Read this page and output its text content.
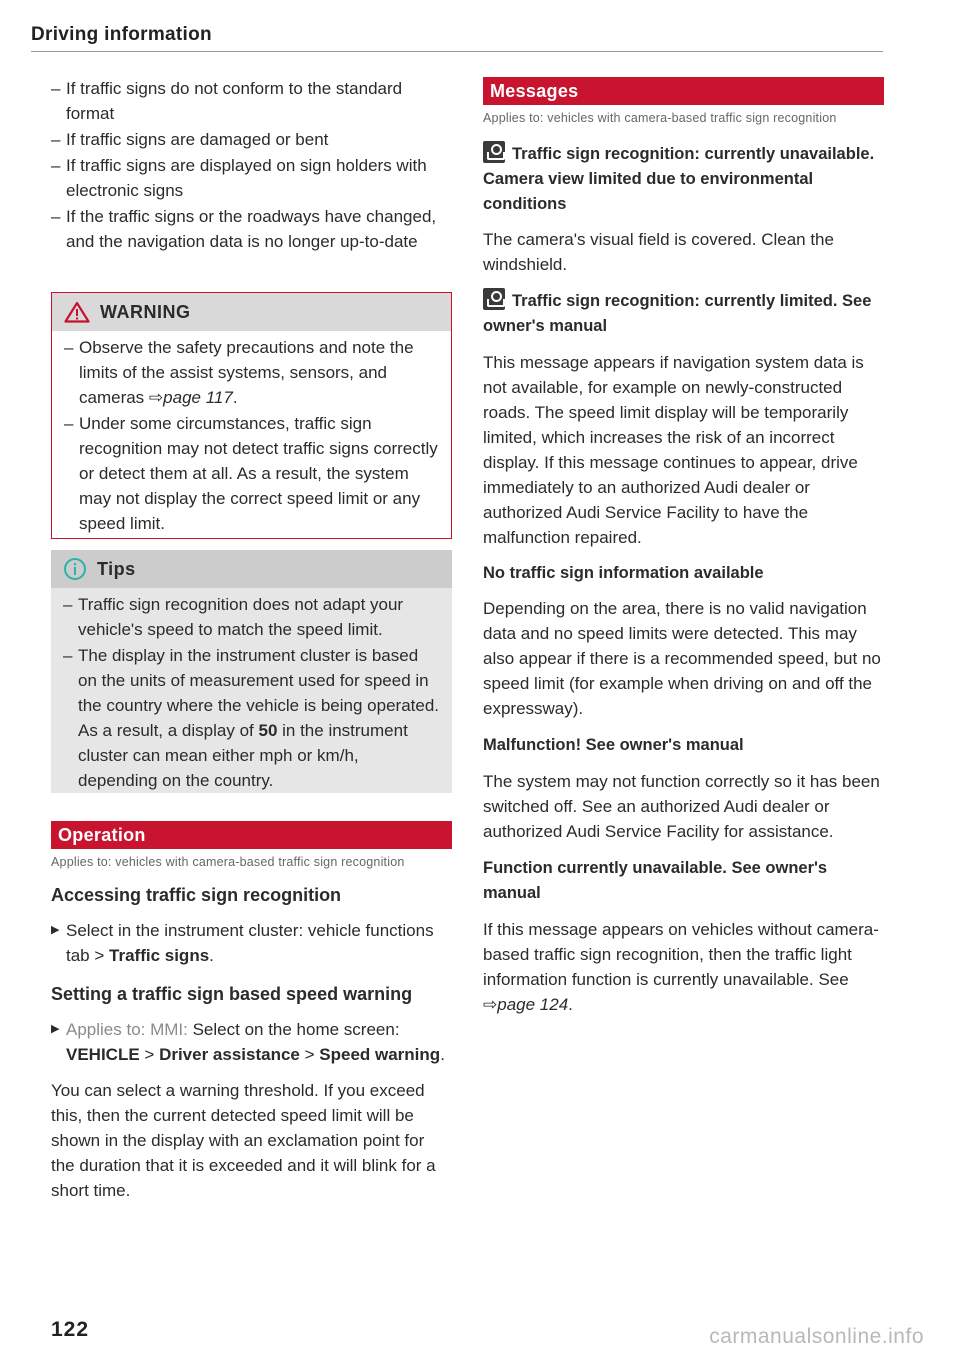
Driving information
– If traffic signs do not conform to the standard format
– If traffic signs are damaged or bent
– If traffic signs are displayed on sign holders with electronic signs
– If the traffic signs or the roadways have changed, and the navigation data is no longer up-to-date
WARNING
– Observe the safety precautions and note the limits of the assist systems, sensors, and cameras ⇨page 117.
– Under some circumstances, traffic sign recognition may not detect traffic signs correctly or detect them at all. As a result, the system may not display the correct speed limit or any speed limit.
Tips
– Traffic sign recognition does not adapt your vehicle's speed to match the speed limit.
– The display in the instrument cluster is based on the units of measurement used for speed in the country where the vehicle is being operated. As a result, a display of 50 in the instrument cluster can mean either mph or km/h, depending on the country.
Operation
Applies to: vehicles with camera-based traffic sign recognition
Accessing traffic sign recognition
▶ Select in the instrument cluster: vehicle functions tab > Traffic signs.
Setting a traffic sign based speed warning
▶ Applies to: MMI: Select on the home screen: VEHICLE > Driver assistance > Speed warning.

You can select a warning threshold. If you exceed this, then the current detected speed limit will be shown in the display with an exclamation point for the duration that it is exceeded and it will blink for a short time.

Messages
Applies to: vehicles with camera-based traffic sign recognition
Traffic sign recognition: currently unavailable. Camera view limited due to environmental conditions

The camera's visual field is covered. Clean the windshield.

Traffic sign recognition: currently limited. See owner's manual

This message appears if navigation system data is not available, for example on newly-constructed roads. The speed limit display will be temporarily limited, which increases the risk of an incorrect display. If this message continues to appear, drive immediately to an authorized Audi dealer or authorized Audi Service Facility to have the malfunction repaired.

No traffic sign information available

Depending on the area, there is no valid navigation data and no speed limits were detected. This may also appear if there is a recommended speed, but no speed limit (for example when driving on and off the expressway).

Malfunction! See owner's manual

The system may not function correctly so it has been switched off. See an authorized Audi dealer or authorized Audi Service Facility for assistance.

Function currently unavailable. See owner's manual

If this message appears on vehicles without camera-based traffic sign recognition, then the traffic light information function is currently unavailable. See ⇨page 124.

122	carmanualsonline.info
